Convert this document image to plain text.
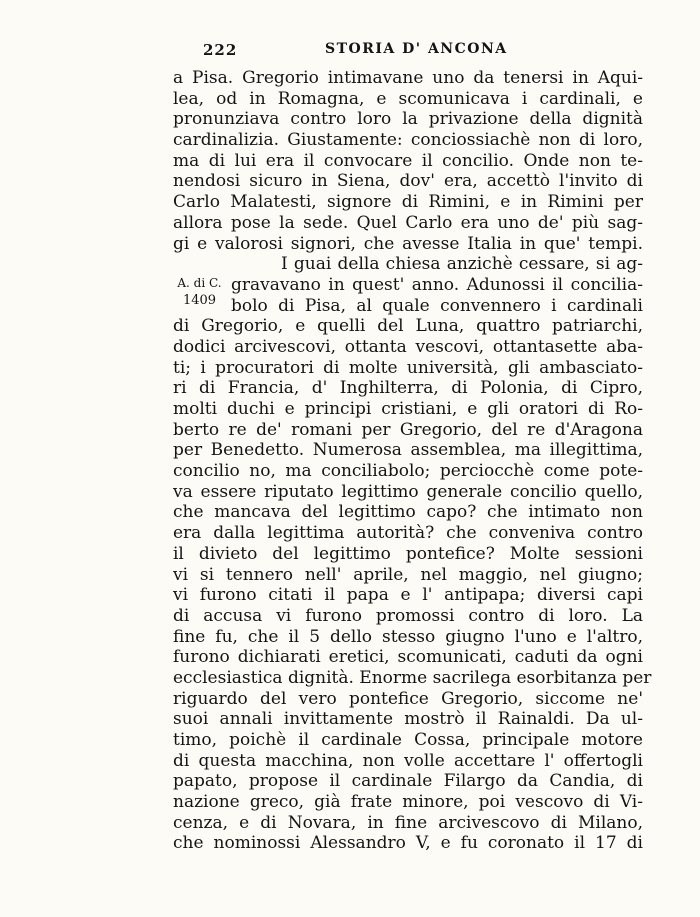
222	STORIA D' ANCONA
A. di C.
1409
a Pisa. Gregorio intimavane uno da tenersi in Aqui-
lea, od in Romagna, e scomunicava i cardinali, e
pronunziava contro loro la privazione della dignità
cardinalizia. Giustamente: conciossiachè non di loro,
ma di lui era il convocare il concilio. Onde non te-
nendosi sicuro in Siena, dov' era, accettò l'invito di
Carlo Malatesti, signore di Rimini, e in Rimini per
allora pose la sede. Quel Carlo era uno de' più sag-
gi e valorosi signori, che avesse Italia in que' tempi.
I guai della chiesa anzichè cessare, si ag-
gravavano in quest' anno. Adunossi il concilia-
bolo di Pisa, al quale convennero i cardinali
di Gregorio, e quelli del Luna, quattro patriarchi,
dodici arcivescovi, ottanta vescovi, ottantasette aba-
ti; i procuratori di molte università, gli ambasciato-
ri di Francia, d' Inghilterra, di Polonia, di Cipro,
molti duchi e principi cristiani, e gli oratori di Ro-
berto re de' romani per Gregorio, del re d'Aragona
per Benedetto. Numerosa assemblea, ma illegittima,
concilio no, ma conciliabolo; perciocchè come pote-
va essere riputato legittimo generale concilio quello,
che mancava del legittimo capo? che intimato non
era dalla legittima autorità? che conveniva contro
il divieto del legittimo pontefice? Molte sessioni
vi si tennero nell' aprile, nel maggio, nel giugno;
vi furono citati il papa e l' antipapa; diversi capi
di accusa vi furono promossi contro di loro. La
fine fu, che il 5 dello stesso giugno l'uno e l'altro,
furono dichiarati eretici, scomunicati, caduti da ogni
ecclesiastica dignità. Enorme sacrilega esorbitanza per
riguardo del vero pontefice Gregorio, siccome ne'
suoi annali invittamente mostrò il Rainaldi. Da ul-
timo, poichè il cardinale Cossa, principale motore
di questa macchina, non volle accettare l' offertogli
papato, propose il cardinale Filargo da Candia, di
nazione greco, già frate minore, poi vescovo di Vi-
cenza, e di Novara, in fine arcivescovo di Milano,
che nominossi Alessandro V, e fu coronato il 17 di
